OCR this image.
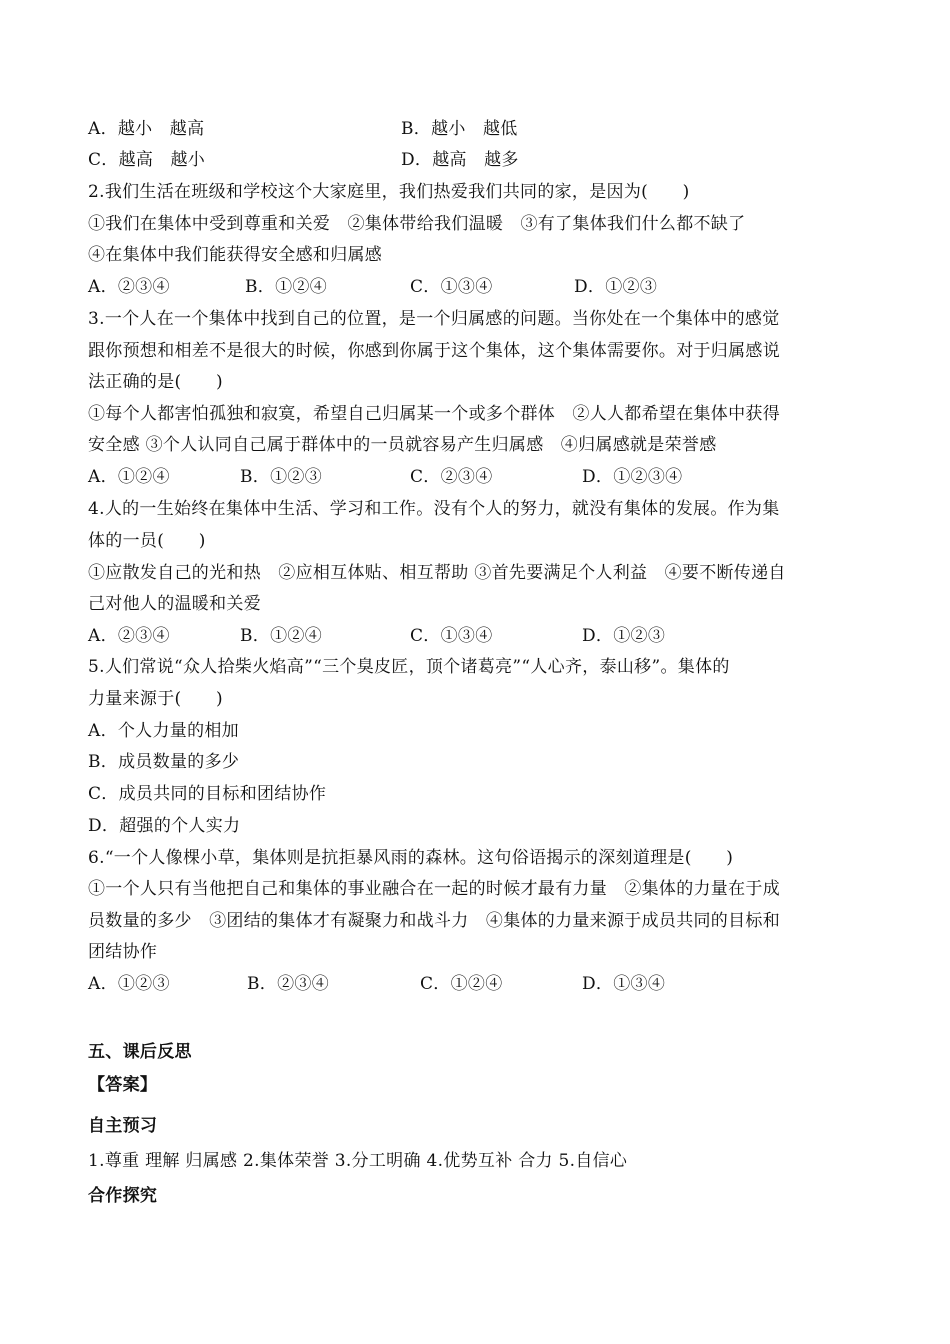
A．越小　越高	B．越小　越低
C．越高　越小	D．越高　越多
2.我们生活在班级和学校这个大家庭里，我们热爱我们共同的家，是因为(　　)
①我们在集体中受到尊重和关爱　②集体带给我们温暖　③有了集体我们什么都不缺了
④在集体中我们能获得安全感和归属感
A．②③④	B．①②④	C．①③④	D．①②③
3.一个人在一个集体中找到自己的位置，是一个归属感的问题。当你处在一个集体中的感觉
跟你预想和相差不是很大的时候，你感到你属于这个集体，这个集体需要你。对于归属感说
法正确的是(　　)
①每个人都害怕孤独和寂寞，希望自己归属某一个或多个群体　②人人都希望在集体中获得
安全感 ③个人认同自己属于群体中的一员就容易产生归属感　④归属感就是荣誉感
A．①②④	B．①②③	C．②③④	D．①②③④
4.人的一生始终在集体中生活、学习和工作。没有个人的努力，就没有集体的发展。作为集
体的一员(　　)
①应散发自己的光和热　②应相互体贴、相互帮助 ③首先要满足个人利益　④要不断传递自
己对他人的温暖和关爱
A．②③④	B．①②④	C．①③④	D．①②③
5.人们常说“众人拾柴火焰高”“三个臭皮匠，顶个诸葛亮”“人心齐，泰山移”。集体的
力量来源于(　　)
A．个人力量的相加
B．成员数量的多少
C．成员共同的目标和团结协作
D．超强的个人实力
6.“一个人像棵小草，集体则是抗拒暴风雨的森林。这句俗语揭示的深刻道理是(　　)
①一个人只有当他把自己和集体的事业融合在一起的时候才最有力量　②集体的力量在于成
员数量的多少　③团结的集体才有凝聚力和战斗力　④集体的力量来源于成员共同的目标和
团结协作
A．①②③	B．②③④	C．①②④	D．①③④
五、课后反思
【答案】
自主预习
1.尊重 理解 归属感 2.集体荣誉 3.分工明确 4.优势互补 合力 5.自信心
合作探究
